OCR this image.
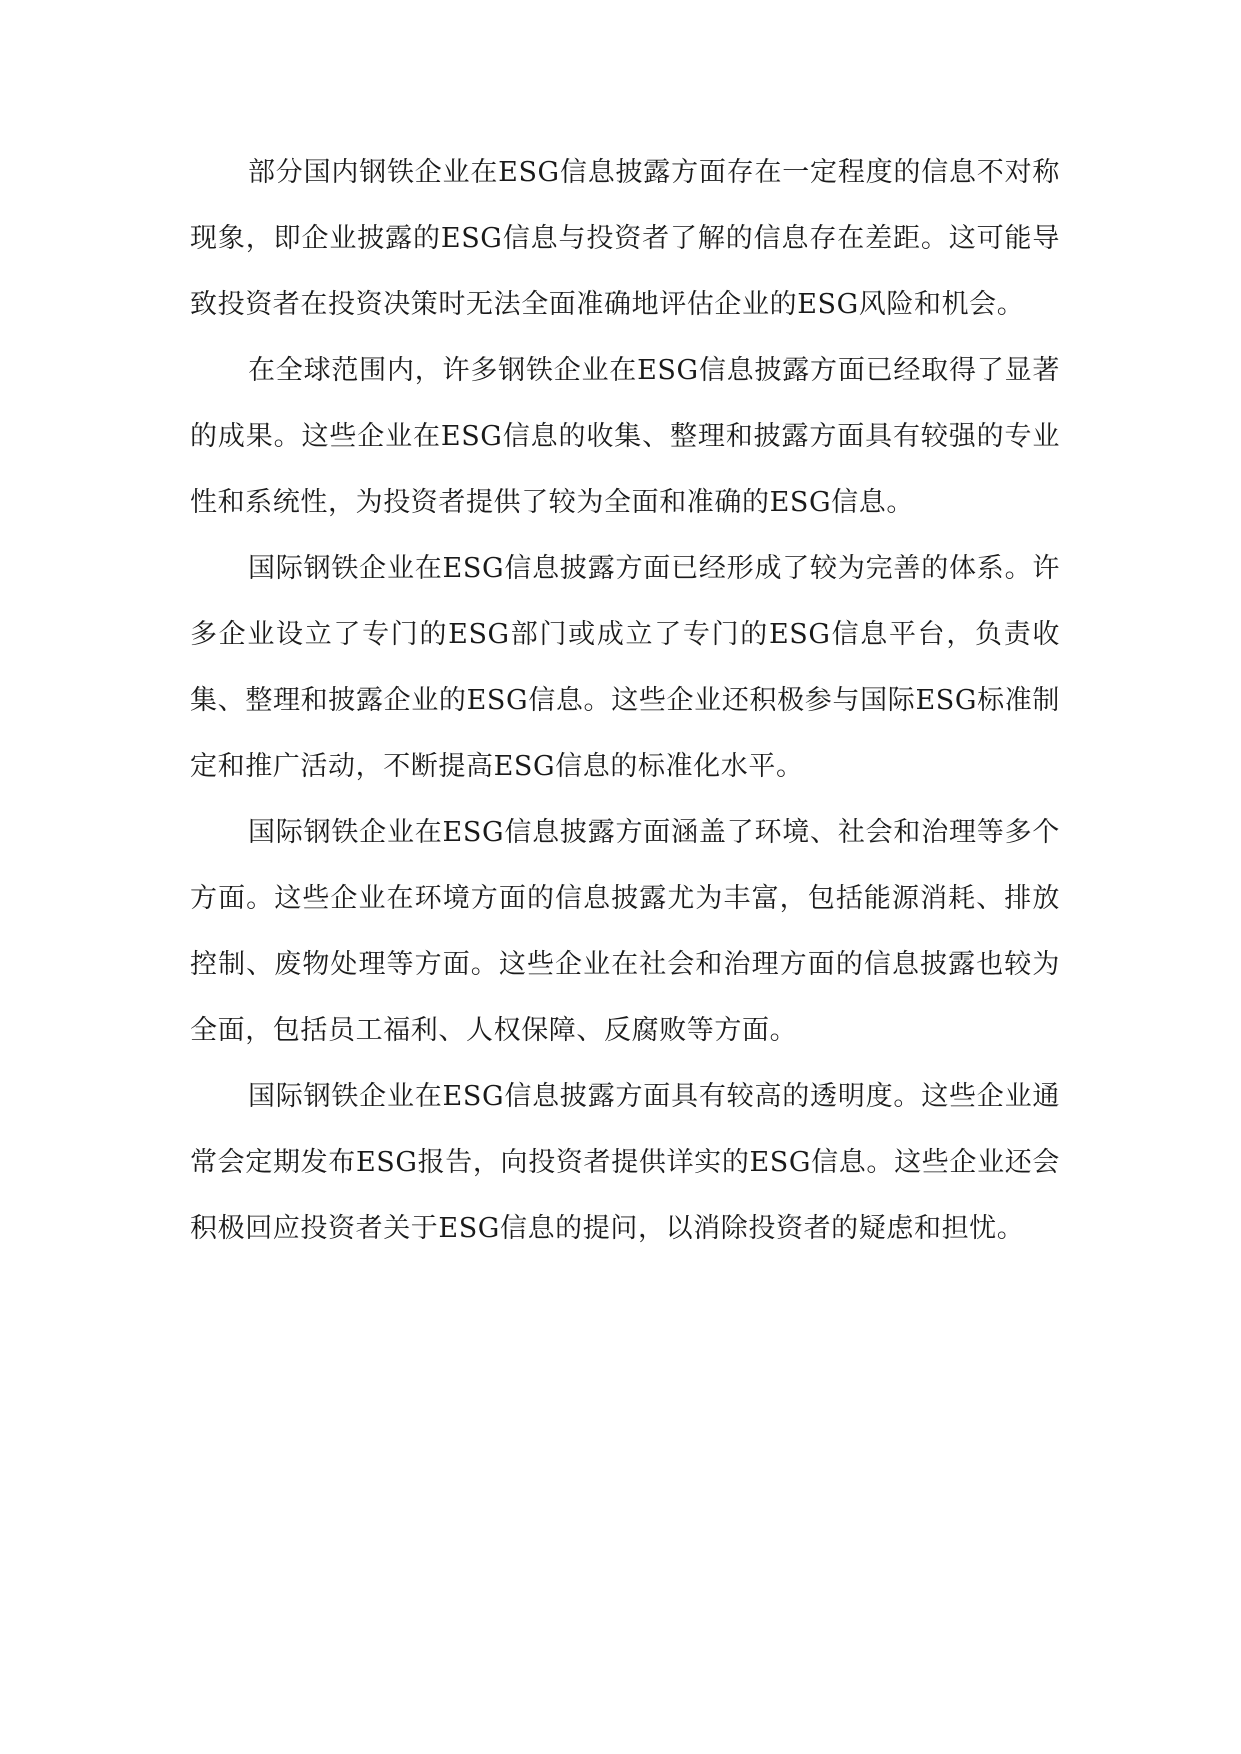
部分国内钢铁企业在ESG信息披露方面存在一定程度的信息不对称现象，即企业披露的ESG信息与投资者了解的信息存在差距。这可能导致投资者在投资决策时无法全面准确地评估企业的ESG风险和机会。

在全球范围内，许多钢铁企业在ESG信息披露方面已经取得了显著的成果。这些企业在ESG信息的收集、整理和披露方面具有较强的专业性和系统性，为投资者提供了较为全面和准确的ESG信息。

国际钢铁企业在ESG信息披露方面已经形成了较为完善的体系。许多企业设立了专门的ESG部门或成立了专门的ESG信息平台，负责收集、整理和披露企业的ESG信息。这些企业还积极参与国际ESG标准制定和推广活动，不断提高ESG信息的标准化水平。

国际钢铁企业在ESG信息披露方面涵盖了环境、社会和治理等多个方面。这些企业在环境方面的信息披露尤为丰富，包括能源消耗、排放控制、废物处理等方面。这些企业在社会和治理方面的信息披露也较为全面，包括员工福利、人权保障、反腐败等方面。

国际钢铁企业在ESG信息披露方面具有较高的透明度。这些企业通常会定期发布ESG报告，向投资者提供详实的ESG信息。这些企业还会积极回应投资者关于ESG信息的提问，以消除投资者的疑虑和担忧。
